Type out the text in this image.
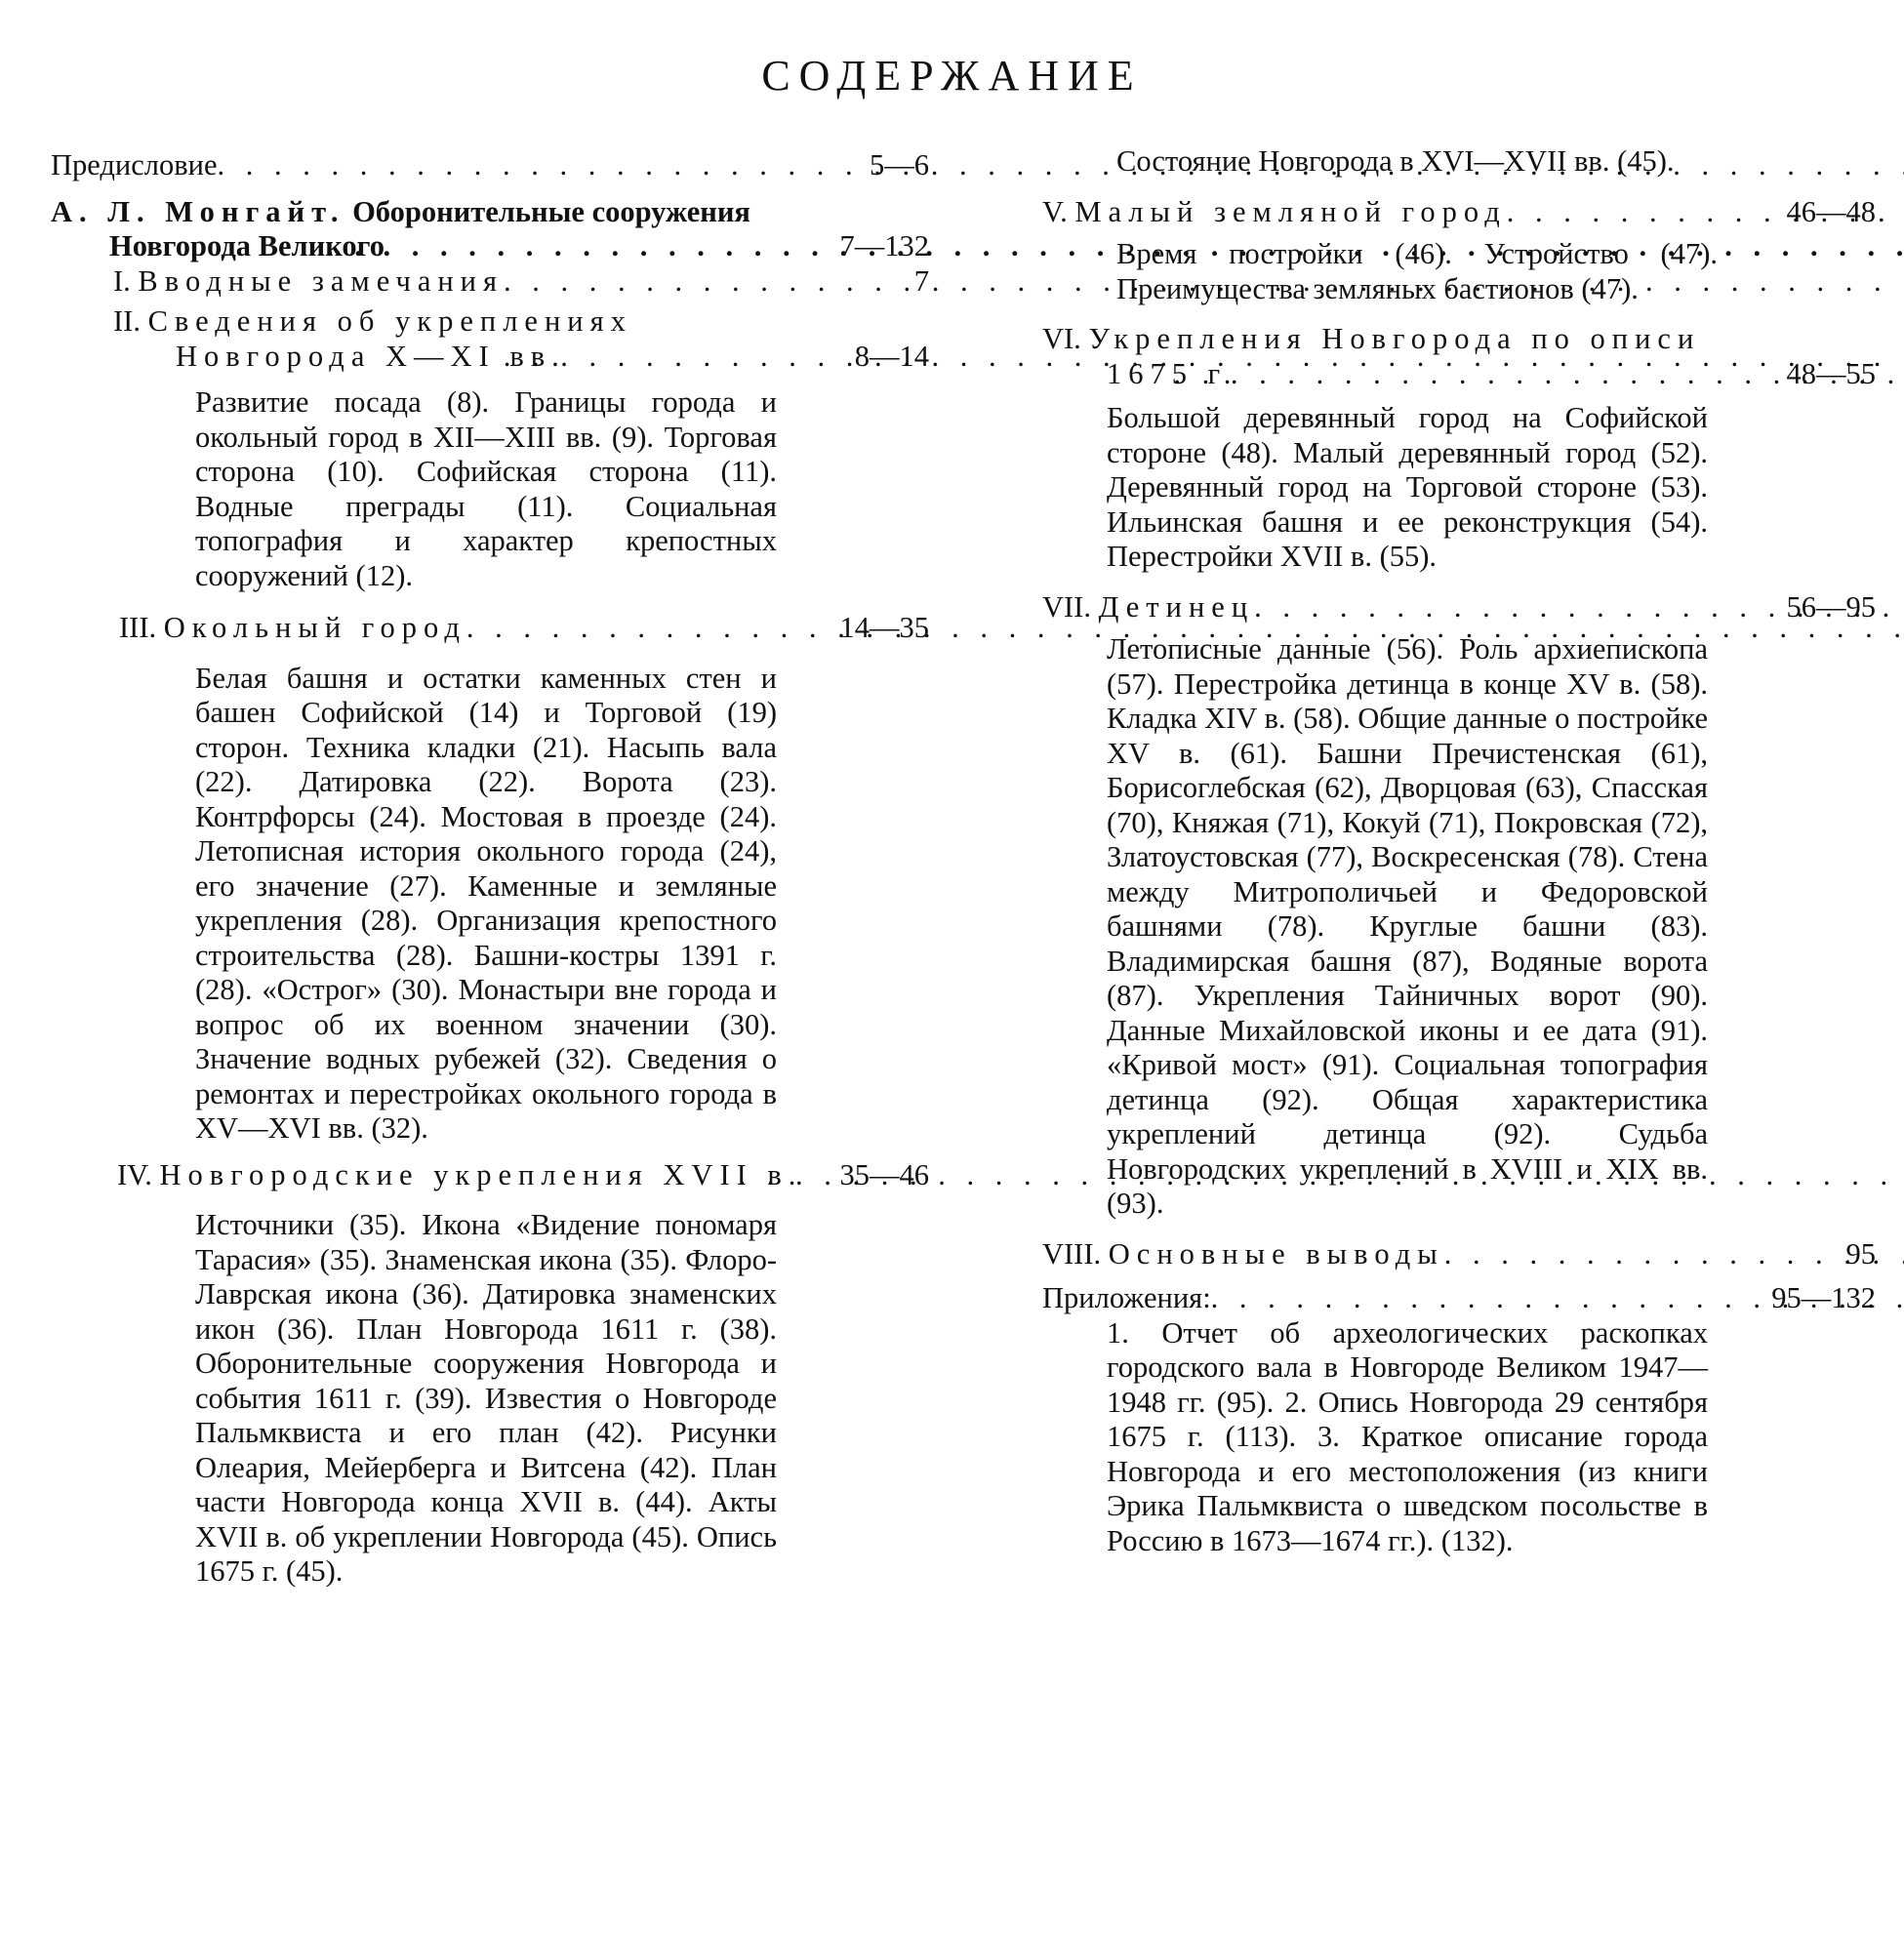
СОДЕРЖАНИЕ
Предисловие . . .	5—6
А. Л. Монгайт. Оборонительные сооружения Новгорода Великого . . .	7—132
I. Вводные замечания . . .	7
II. Сведения об укреплениях Новгорода X—XI вв. . . .	8—14
Развитие посада (8). Границы города и окольный город в XII—XIII вв. (9). Торговая сторона (10). Софийская сторона (11). Водные преграды (11). Социальная топография и характер крепостных сооружений (12).
III. Окольный город . . .	14—35
Белая башня и остатки каменных стен и башен Софийской (14) и Торговой (19) сторон. Техника кладки (21). Насыпь вала (22). Датировка (22). Ворота (23). Контрфорсы (24). Мостовая в проезде (24). Летописная история окольного города (24), его значение (27). Каменные и земляные укрепления (28). Организация крепостного строительства (28). Башни-костры 1391 г. (28). «Острог» (30). Монастыри вне города и вопрос об их военном значении (30). Значение водных рубежей (32). Сведения о ремонтах и перестройках окольного города в XV—XVI вв. (32).
IV. Новгородские укрепления XVII в. . . .	35—46
Источники (35). Икона «Видение пономаря Тарасия» (35). Знаменская икона (35). Флоро-Лаврская икона (36). Датировка знаменских икон (36). План Новгорода 1611 г. (38). Оборонительные сооружения Новгорода и события 1611 г. (39). Известия о Новгороде Пальмквиста и его план (42). Рисунки Олеария, Мейерберга и Витсена (42). План части Новгорода конца XVII в. (44). Акты XVII в. об укреплении Новгорода (45). Опись 1675 г. (45).
Состояние Новгорода в XVI—XVII вв. (45).
V. Малый земляной город . . .	46—48
Время постройки (46). Устройство (47). Преимущества земляных бастионов (47).
VI. Укрепления Новгорода по описи 1675 г. . . .	48—55
Большой деревянный город на Софийской стороне (48). Малый деревянный город (52). Деревянный город на Торговой стороне (53). Ильинская башня и ее реконструкция (54). Перестройки XVII в. (55).
VII. Детинец . . .	56—95
Летописные данные (56). Роль архиепископа (57). Перестройка детинца в конце XV в. (58). Кладка XIV в. (58). Общие данные о постройке XV в. (61). Башни Пречистенская (61), Борисоглебская (62), Дворцовая (63), Спасская (70), Княжая (71), Кокуй (71), Покровская (72), Златоустовская (77), Воскресенская (78). Стена между Митрополичьей и Федоровской башнями (78). Круглые башни (83). Владимирская башня (87), Водяные ворота (87). Укрепления Тайничных ворот (90). Данные Михайловской иконы и ее дата (91). «Кривой мост» (91). Социальная топография детинца (92). Общая характеристика укреплений детинца (92). Судьба Новгородских укреплений в XVIII и XIX вв. (93).
VIII. Основные выводы . . .	95
Приложения: . . .	95—132
1. Отчет об археологических раскопках городского вала в Новгороде Великом 1947—1948 гг. (95). 2. Опись Новгорода 29 сентября 1675 г. (113). 3. Краткое описание города Новгорода и его местоположения (из книги Эрика Пальмквиста о шведском посольстве в Россию в 1673—1674 гг.). (132).
